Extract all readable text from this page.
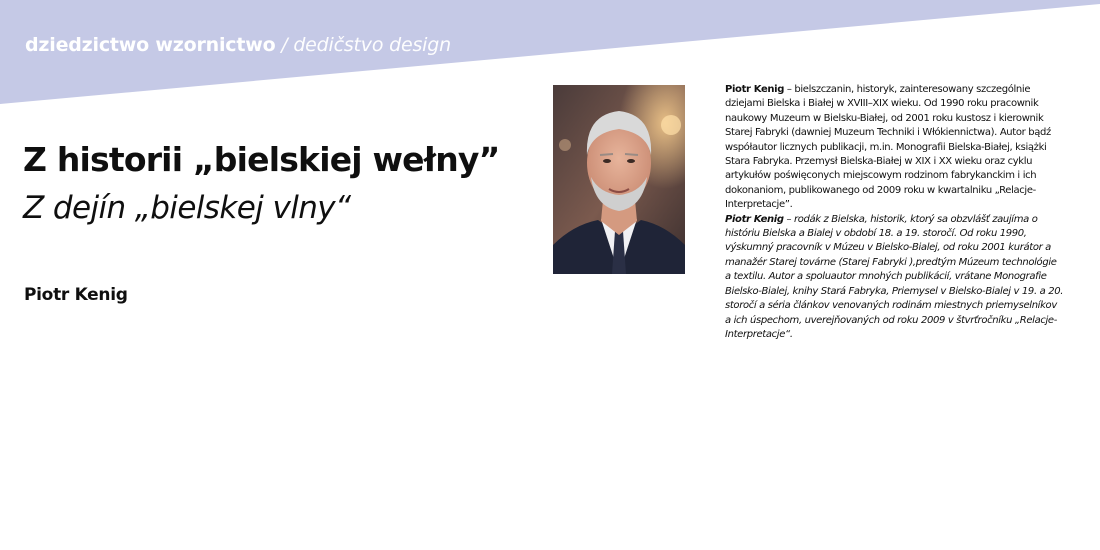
dziedzictwo wzornictwo / dedičstvo design
Z historii „bielskiej wełny”
Z dejín „bielskej vlny“
Piotr Kenig

Piotr Kenig – bielszczanin, historyk, zainteresowany szczególnie dziejami Bielska i Białej w XVIII–XIX wieku. Od 1990 roku pracownik naukowy Muzeum w Bielsku-Białej, od 2001 roku kustosz i kierownik Starej Fabryki (dawniej Muzeum Techniki i Włókiennictwa). Autor bądź współautor licznych publikacji, m.in. Monografii Bielska-Białej, książki Stara Fabryka. Przemysł Bielska-Białej w XIX i XX wieku oraz cyklu artykułów poświęconych miejscowym rodzinom fabrykanckim i ich dokonaniom, publikowanego od 2009 roku w kwartalniku „Relacje-Interpretacje”.

Piotr Kenig – rodák z Bielska, historik, ktorý sa obzvlášť zaujíma o históriu Bielska a Bialej v období 18. a 19. storočí. Od roku 1990, výskumný pracovník v Múzeu v Bielsko-Bialej, od roku 2001 kurátor a manažér Starej továrne (Starej Fabryki ),predtým Múzeum technológie a textilu. Autor a spoluautor mnohých publikácií, vrátane Monografie Bielsko-Bialej, knihy Stará Fabryka, Priemysel v Bielsko-Bialej v 19. a 20. storočí a séria článkov venovaných rodinám miestnych priemyselníkov a ich úspechom, uverejňovaných od roku 2009 v štvrťročníku „Relacje-Interpretacje“.
